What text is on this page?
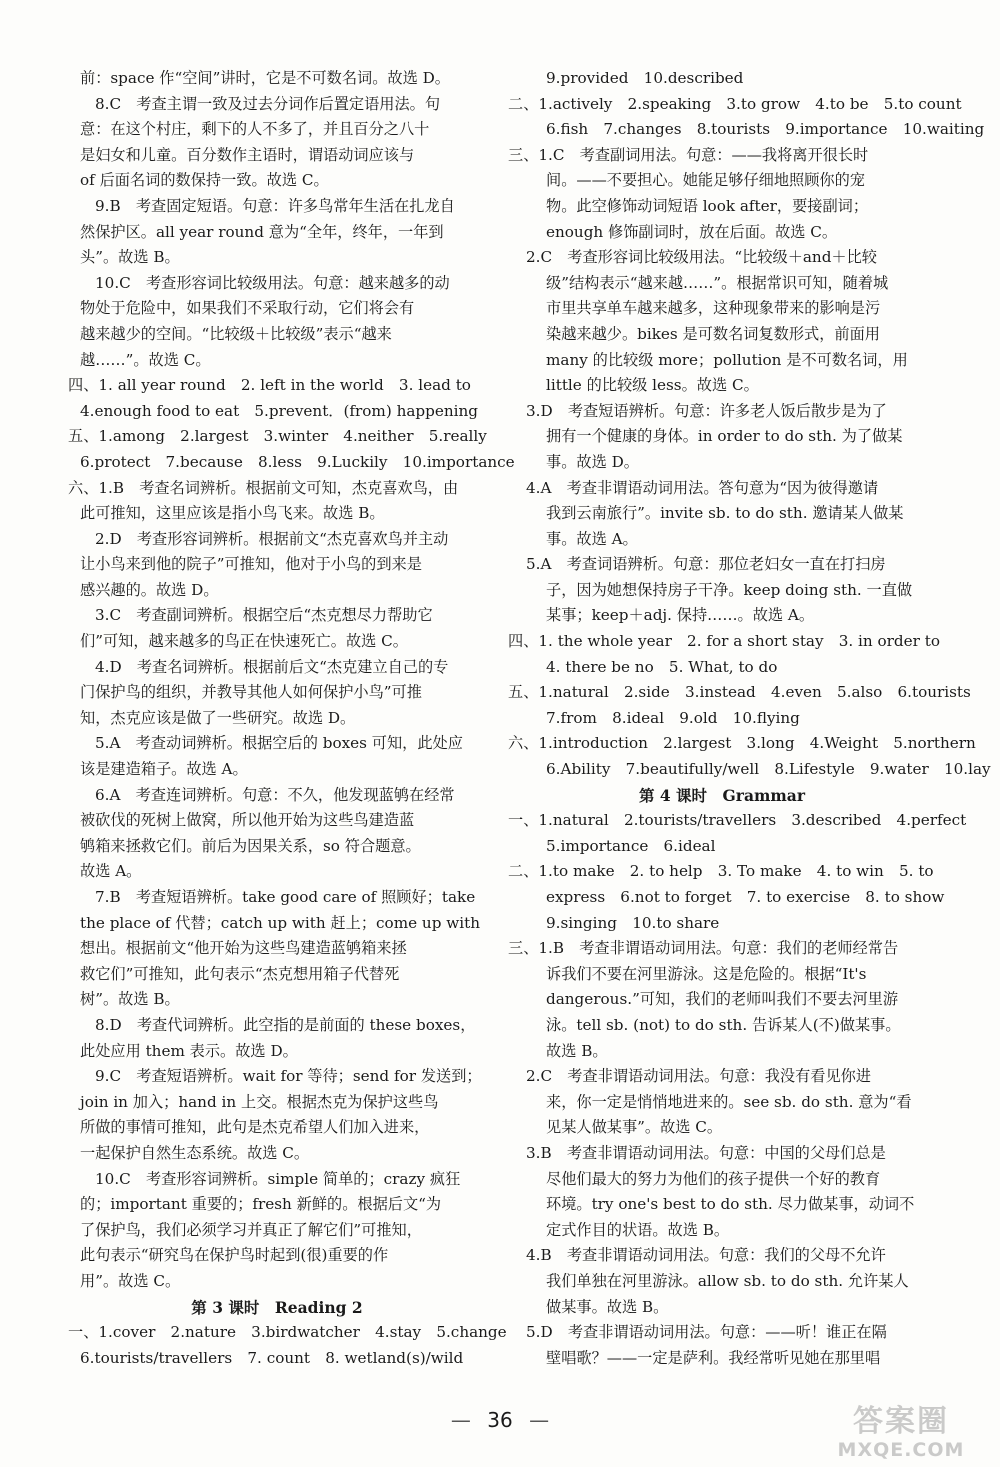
前：space 作“空间”讲时，它是不可数名词。故选 D。
8.C　考查主谓一致及过去分词作后置定语用法。句
意：在这个村庄，剩下的人不多了，并且百分之八十
是妇女和儿童。百分数作主语时，谓语动词应该与
of 后面名词的数保持一致。故选 C。
9.B　考查固定短语。句意：许多鸟常年生活在扎龙自
然保护区。all year round 意为“全年，终年，一年到
头”。故选 B。
10.C　考查形容词比较级用法。句意：越来越多的动
物处于危险中，如果我们不采取行动，它们将会有
越来越少的空间。“比较级＋比较级”表示“越来
越……”。故选 C。
四、1. all year round　2. left in the world　3. lead to
4.enough food to eat　5.prevent．(from) happening
五、1.among　2.largest　3.winter　4.neither　5.really
6.protect　7.because　8.less　9.Luckily　10.importance
六、1.B　考查名词辨析。根据前文可知，杰克喜欢鸟，由
此可推知，这里应该是指小鸟飞来。故选 B。
2.D　考查形容词辨析。根据前文“杰克喜欢鸟并主动
让小鸟来到他的院子”可推知，他对于小鸟的到来是
感兴趣的。故选 D。
3.C　考查副词辨析。根据空后“杰克想尽力帮助它
们”可知，越来越多的鸟正在快速死亡。故选 C。
4.D　考查名词辨析。根据前后文“杰克建立自己的专
门保护鸟的组织，并教导其他人如何保护小鸟”可推
知，杰克应该是做了一些研究。故选 D。
5.A　考查动词辨析。根据空后的 boxes 可知，此处应
该是建造箱子。故选 A。
6.A　考查连词辨析。句意：不久，他发现蓝鸲在经常
被砍伐的死树上做窝，所以他开始为这些鸟建造蓝
鸲箱来拯救它们。前后为因果关系，so 符合题意。
故选 A。
7.B　考查短语辨析。take good care of 照顾好；take
the place of 代替；catch up with 赶上；come up with
想出。根据前文“他开始为这些鸟建造蓝鸲箱来拯
救它们”可推知，此句表示“杰克想用箱子代替死
树”。故选 B。
8.D　考查代词辨析。此空指的是前面的 these boxes，
此处应用 them 表示。故选 D。
9.C　考查短语辨析。wait for 等待；send for 发送到；
join in 加入；hand in 上交。根据杰克为保护这些鸟
所做的事情可推知，此句是杰克希望人们加入进来，
一起保护自然生态系统。故选 C。
10.C　考查形容词辨析。simple 简单的；crazy 疯狂
的；important 重要的；fresh 新鲜的。根据后文“为
了保护鸟，我们必须学习并真正了解它们”可推知，
此句表示“研究鸟在保护鸟时起到(很)重要的作
用”。故选 C。
第 3 课时　Reading 2
一、1.cover　2.nature　3.birdwatcher　4.stay　5.change
6.tourists/travellers　7. count　8. wetland(s)/wild
9.provided　10.described
二、1.actively　2.speaking　3.to grow　4.to be　5.to count
6.fish　7.changes　8.tourists　9.importance　10.waiting
三、1.C　考查副词用法。句意：——我将离开很长时
间。——不要担心。她能足够仔细地照顾你的宠
物。此空修饰动词短语 look after，要接副词；
enough 修饰副词时，放在后面。故选 C。
2.C　考查形容词比较级用法。“比较级＋and＋比较
级”结构表示“越来越……”。根据常识可知，随着城
市里共享单车越来越多，这种现象带来的影响是污
染越来越少。bikes 是可数名词复数形式，前面用
many 的比较级 more；pollution 是不可数名词，用
little 的比较级 less。故选 C。
3.D　考查短语辨析。句意：许多老人饭后散步是为了
拥有一个健康的身体。in order to do sth. 为了做某
事。故选 D。
4.A　考查非谓语动词用法。答句意为“因为彼得邀请
我到云南旅行”。invite sb. to do sth. 邀请某人做某
事。故选 A。
5.A　考查词语辨析。句意：那位老妇女一直在打扫房
子，因为她想保持房子干净。keep doing sth. 一直做
某事；keep＋adj. 保持……。故选 A。
四、1. the whole year　2. for a short stay　3. in order to
4. there be no　5. What, to do
五、1.natural　2.side　3.instead　4.even　5.also　6.tourists
7.from　8.ideal　9.old　10.flying
六、1.introduction　2.largest　3.long　4.Weight　5.northern
6.Ability　7.beautifully/well　8.Lifestyle　9.water　10.lay
第 4 课时　Grammar
一、1.natural　2.tourists/travellers　3.described　4.perfect
5.importance　6.ideal
二、1.to make　2. to help　3. To make　4. to win　5. to
express　6.not to forget　7. to exercise　8. to show
9.singing　10.to share
三、1.B　考查非谓语动词用法。句意：我们的老师经常告
诉我们不要在河里游泳。这是危险的。根据“It's
dangerous.”可知，我们的老师叫我们不要去河里游
泳。tell sb. (not) to do sth. 告诉某人(不)做某事。
故选 B。
2.C　考查非谓语动词用法。句意：我没有看见你进
来，你一定是悄悄地进来的。see sb. do sth. 意为“看
见某人做某事”。故选 C。
3.B　考查非谓语动词用法。句意：中国的父母们总是
尽他们最大的努力为他们的孩子提供一个好的教育
环境。try one's best to do sth. 尽力做某事，动词不
定式作目的状语。故选 B。
4.B　考查非谓语动词用法。句意：我们的父母不允许
我们单独在河里游泳。allow sb. to do sth. 允许某人
做某事。故选 B。
5.D　考查非谓语动词用法。句意：——听！谁正在隔
壁唱歌？——一定是萨利。我经常听见她在那里唱
— 36 —	答案圈
MXQE.COM
